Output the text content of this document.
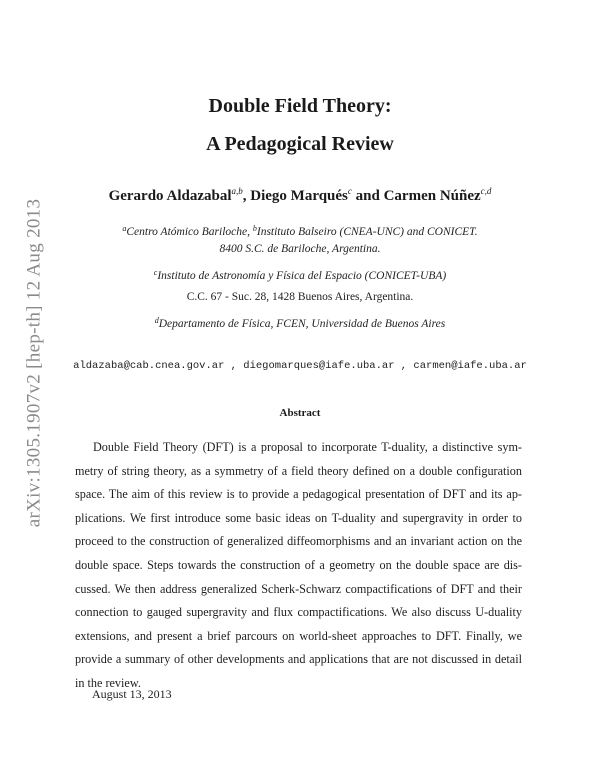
arXiv:1305.1907v2 [hep-th] 12 Aug 2013
Double Field Theory:
A Pedagogical Review
Gerardo Aldazabal$^{a,b}$, Diego Marqués$^c$ and Carmen Núñez$^{c,d}$
$^a$Centro Atómico Bariloche, $^b$Instituto Balseiro (CNEA-UNC) and CONICET.
8400 S.C. de Bariloche, Argentina.
$^c$Instituto de Astronomía y Física del Espacio (CONICET-UBA)
C.C. 67 - Suc. 28, 1428 Buenos Aires, Argentina.
$^d$Departamento de Física, FCEN, Universidad de Buenos Aires
aldazaba@cab.cnea.gov.ar , diegomarques@iafe.uba.ar , carmen@iafe.uba.ar
Abstract
Double Field Theory (DFT) is a proposal to incorporate T-duality, a distinctive sym-
metry of string theory, as a symmetry of a field theory defined on a double configuration
space. The aim of this review is to provide a pedagogical presentation of DFT and its ap-
plications. We first introduce some basic ideas on T-duality and supergravity in order to
proceed to the construction of generalized diffeomorphisms and an invariant action on the
double space. Steps towards the construction of a geometry on the double space are dis-
cussed. We then address generalized Scherk-Schwarz compactifications of DFT and their
connection to gauged supergravity and flux compactifications. We also discuss U-duality
extensions, and present a brief parcours on world-sheet approaches to DFT. Finally, we
provide a summary of other developments and applications that are not discussed in detail
in the review.
August 13, 2013
